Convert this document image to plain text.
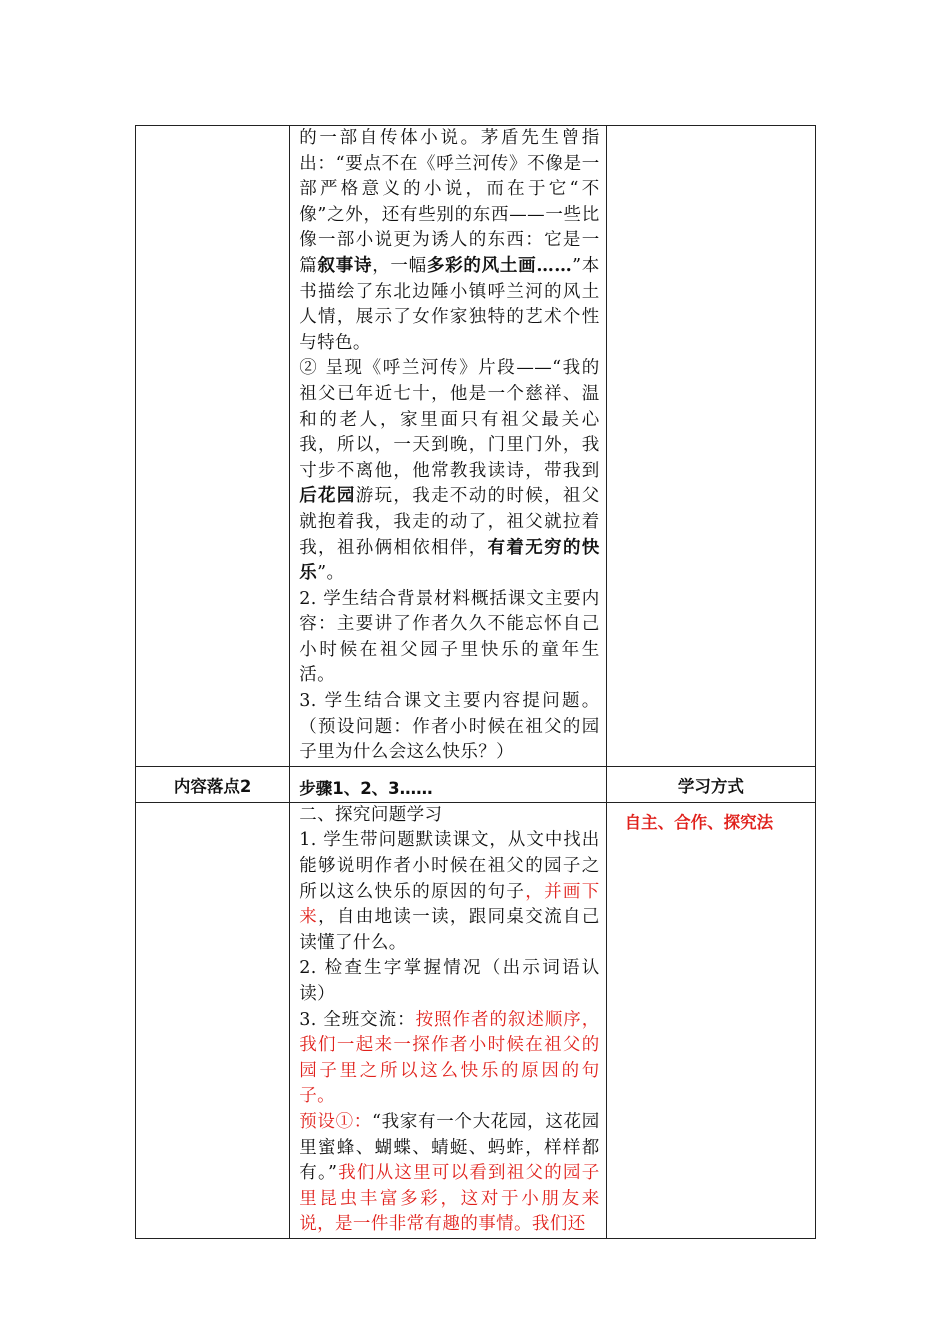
	的一部自传体小说。茅盾先生曾指出：“要点不在《呼兰河传》不像是一部严格意义的小说，而在于它“不像”之外，还有些别的东西——一些比像一部小说更为诱人的东西：它是一篇叙事诗，一幅多彩的风土画……”本书描绘了东北边陲小镇呼兰河的风土人情，展示了女作家独特的艺术个性与特色。

② 呈现《呼兰河传》片段——“我的祖父已年近七十，他是一个慈祥、温和的老人，家里面只有祖父最关心我，所以，一天到晚，门里门外，我寸步不离他，他常教我读诗，带我到后花园游玩，我走不动的时候，祖父就抱着我，我走的动了，祖父就拉着我，祖孙俩相依相伴，有着无穷的快乐”。

2. 学生结合背景材料概括课文主要内容：主要讲了作者久久不能忘怀自己小时候在祖父园子里快乐的童年生活。

3. 学生结合课文主要内容提问题。（预设问题：作者小时候在祖父的园子里为什么会这么快乐？）	

内容落点2	步骤1、2、3……	学习方式

	二、探究问题学习

1. 学生带问题默读课文，从文中找出能够说明作者小时候在祖父的园子之所以这么快乐的原因的句子，并画下来，自由地读一读，跟同桌交流自己读懂了什么。

2. 检查生字掌握情况（出示词语认读）

3. 全班交流：按照作者的叙述顺序，我们一起来一探作者小时候在祖父的园子里之所以这么快乐的原因的句子。

预设①：“我家有一个大花园，这花园里蜜蜂、蝴蝶、蜻蜓、蚂蚱，样样都有。”我们从这里可以看到祖父的园子里昆虫丰富多彩，这对于小朋友来说，是一件非常有趣的事情。我们还	自主、合作、探究法
